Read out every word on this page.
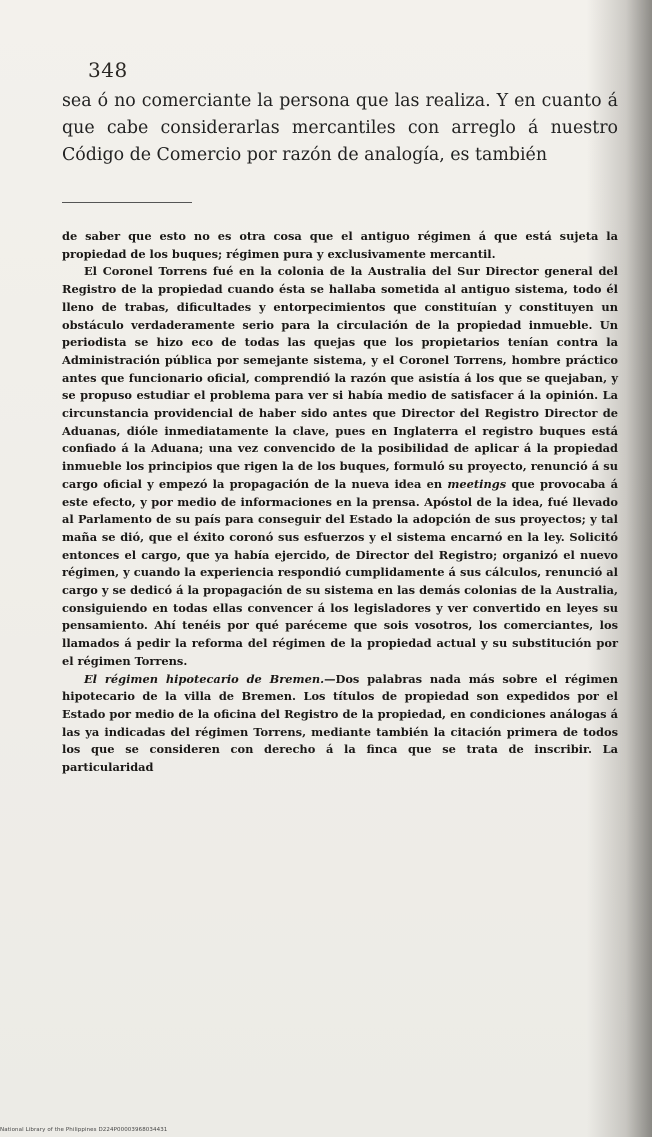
348

sea ó no comerciante la persona que las realiza. Y en cuanto á que cabe considerarlas mercantiles con arreglo á nuestro Código de Comercio por razón de analogía, es también

de saber que esto no es otra cosa que el antiguo régimen á que está sujeta la propiedad de los buques; régimen pura y exclusivamente mercantil.

El Coronel Torrens fué en la colonia de la Australia del Sur Director general del Registro de la propiedad cuando ésta se hallaba sometida al antiguo sistema, todo él lleno de trabas, dificultades y entorpecimientos que constituían y constituyen un obstáculo verdaderamente serio para la circulación de la propiedad inmueble. Un periodista se hizo eco de todas las quejas que los propietarios tenían contra la Administración pública por semejante sistema, y el Coronel Torrens, hombre práctico antes que funcionario oficial, comprendió la razón que asistía á los que se quejaban, y se propuso estudiar el problema para ver si había medio de satisfacer á la opinión. La circunstancia providencial de haber sido antes que Director del Registro Director de Aduanas, dióle inmediatamente la clave, pues en Inglaterra el registro buques está confiado á la Aduana; una vez convencido de la posibilidad de aplicar á la propiedad inmueble los principios que rigen la de los buques, formuló su proyecto, renunció á su cargo oficial y empezó la propagación de la nueva idea en meetings que provocaba á este efecto, y por medio de informaciones en la prensa. Apóstol de la idea, fué llevado al Parlamento de su país para conseguir del Estado la adopción de sus proyectos; y tal maña se dió, que el éxito coronó sus esfuerzos y el sistema encarnó en la ley. Solicitó entonces el cargo, que ya había ejercido, de Director del Registro; organizó el nuevo régimen, y cuando la experiencia respondió cumplidamente á sus cálculos, renunció al cargo y se dedicó á la propagación de su sistema en las demás colonias de la Australia, consiguiendo en todas ellas convencer á los legisladores y ver convertido en leyes su pensamiento. Ahí tenéis por qué paréceme que sois vosotros, los comerciantes, los llamados á pedir la reforma del régimen de la propiedad actual y su substitución por el régimen Torrens.

El régimen hipotecario de Bremen.—Dos palabras nada más sobre el régimen hipotecario de la villa de Bremen. Los títulos de propiedad son expedidos por el Estado por medio de la oficina del Registro de la propiedad, en condiciones análogas á las ya indicadas del régimen Torrens, mediante también la citación primera de todos los que se consideren con derecho á la finca que se trata de inscribir. La particularidad

National Library of the Philippines D224P00003968034431
